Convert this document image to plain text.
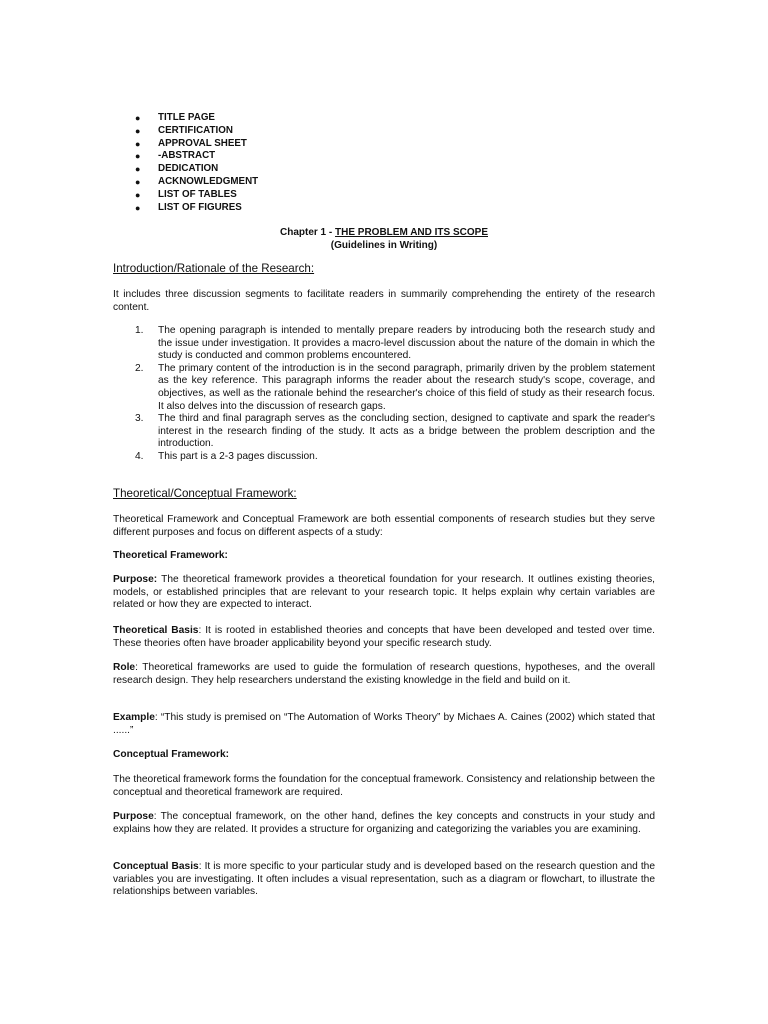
● TITLE PAGE
● CERTIFICATION
● APPROVAL SHEET
● -ABSTRACT
● DEDICATION
● ACKNOWLEDGMENT
● LIST OF TABLES
● LIST OF FIGURES
Chapter 1 - THE PROBLEM AND ITS SCOPE
(Guidelines in Writing)
Introduction/Rationale of the Research:
It includes three discussion segments to facilitate readers in summarily comprehending the entirety of the research content.
1. The opening paragraph is intended to mentally prepare readers by introducing both the research study and the issue under investigation. It provides a macro-level discussion about the nature of the domain in which the study is conducted and common problems encountered.
2. The primary content of the introduction is in the second paragraph, primarily driven by the problem statement as the key reference. This paragraph informs the reader about the research study's scope, coverage, and objectives, as well as the rationale behind the researcher's choice of this field of study as their research focus. It also delves into the discussion of research gaps.
3. The third and final paragraph serves as the concluding section, designed to captivate and spark the reader's interest in the research finding of the study. It acts as a bridge between the problem description and the introduction.
4. This part is a 2-3 pages discussion.
Theoretical/Conceptual Framework:
Theoretical Framework and Conceptual Framework are both essential components of research studies but they serve different purposes and focus on different aspects of a study:
Theoretical Framework:
Purpose: The theoretical framework provides a theoretical foundation for your research. It outlines existing theories, models, or established principles that are relevant to your research topic. It helps explain why certain variables are related or how they are expected to interact.
Theoretical Basis: It is rooted in established theories and concepts that have been developed and tested over time. These theories often have broader applicability beyond your specific research study.
Role: Theoretical frameworks are used to guide the formulation of research questions, hypotheses, and the overall research design. They help researchers understand the existing knowledge in the field and build on it.
Example: “This study is premised on “The Automation of Works Theory” by Michaes A. Caines (2002) which stated that ......”
Conceptual Framework:
The theoretical framework forms the foundation for the conceptual framework. Consistency and relationship between the conceptual and theoretical framework are required.
Purpose: The conceptual framework, on the other hand, defines the key concepts and constructs in your study and explains how they are related. It provides a structure for organizing and categorizing the variables you are examining.
Conceptual Basis: It is more specific to your particular study and is developed based on the research question and the variables you are investigating. It often includes a visual representation, such as a diagram or flowchart, to illustrate the relationships between variables.
